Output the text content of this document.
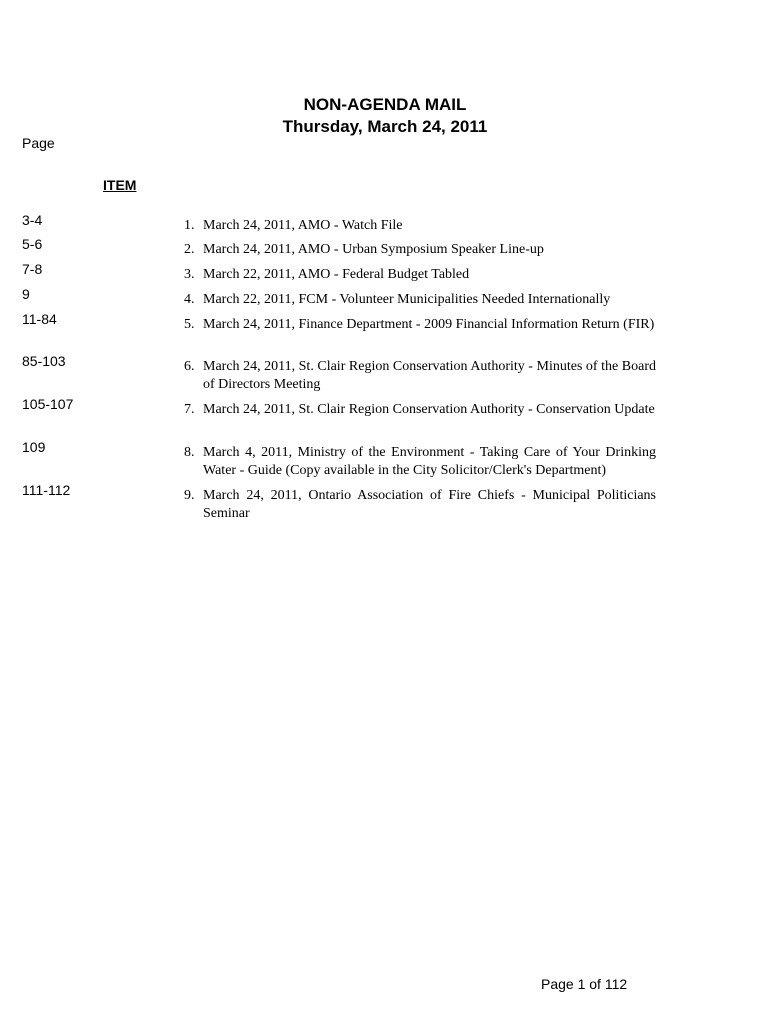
NON-AGENDA MAIL
Thursday, March 24, 2011
Page
ITEM
3-4
5-6
7-8
9
11-84
85-103
105-107
109
111-112
1. March 24, 2011, AMO - Watch File
2. March 24, 2011, AMO - Urban Symposium Speaker Line-up
3. March 22, 2011, AMO - Federal Budget Tabled
4. March 22, 2011, FCM - Volunteer Municipalities Needed Internationally
5. March 24, 2011, Finance Department - 2009 Financial Information Return (FIR)
6. March 24, 2011, St. Clair Region Conservation Authority - Minutes of the Board of Directors Meeting
7. March 24, 2011, St. Clair Region Conservation Authority - Conservation Update
8. March 4, 2011, Ministry of the Environment - Taking Care of Your Drinking Water - Guide (Copy available in the City Solicitor/Clerk's Department)
9. March 24, 2011, Ontario Association of Fire Chiefs - Municipal Politicians Seminar
Page 1 of 112
